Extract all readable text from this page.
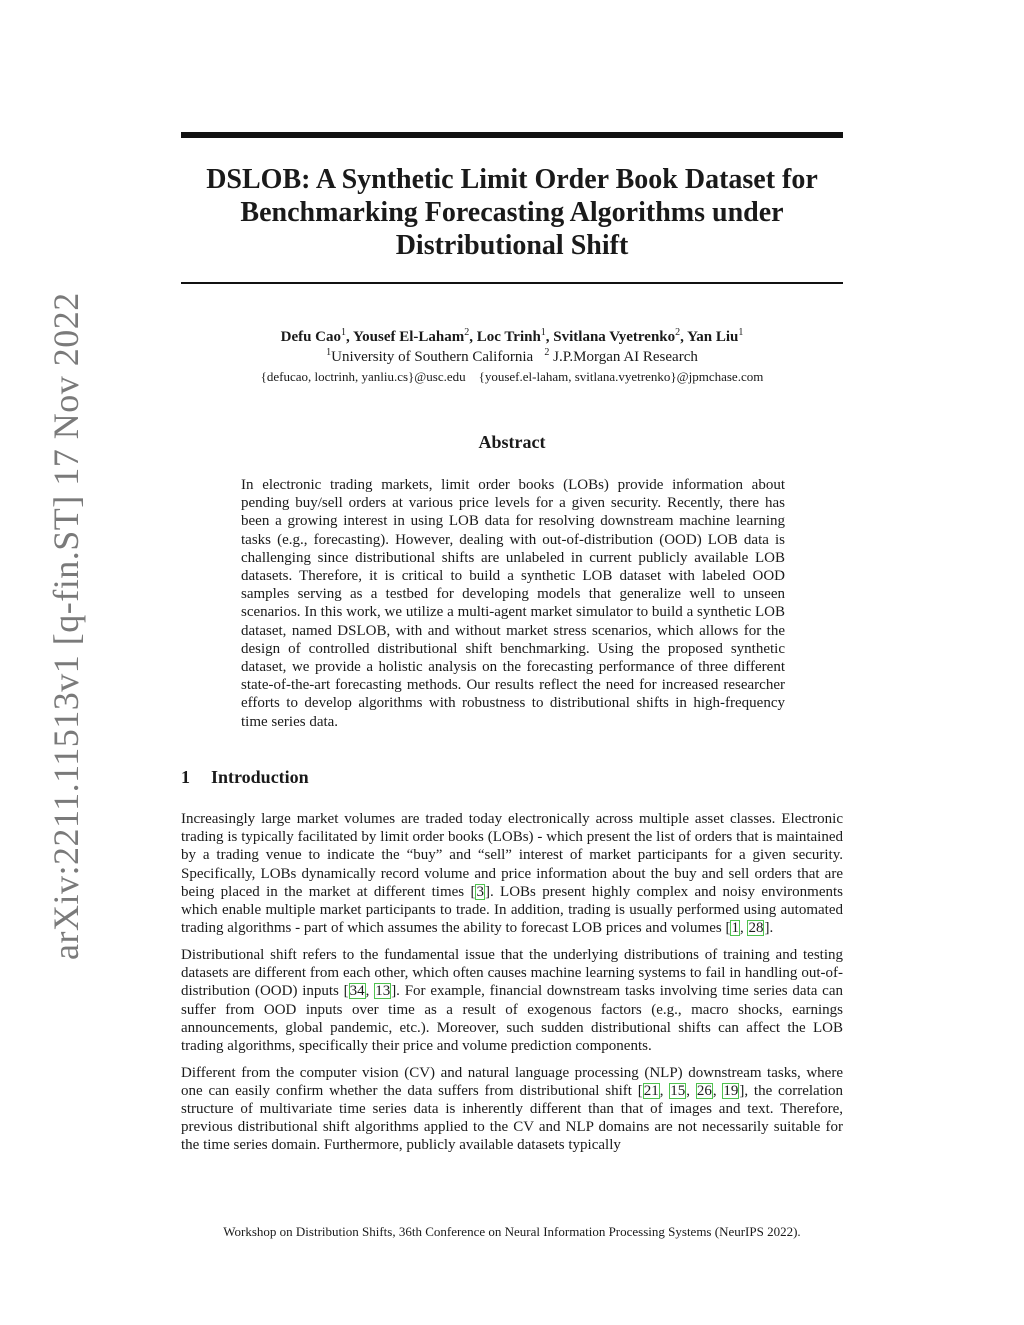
arXiv:2211.11513v1 [q-fin.ST] 17 Nov 2022
DSLOB: A Synthetic Limit Order Book Dataset for
Benchmarking Forecasting Algorithms under
Distributional Shift
Defu Cao$^1$, Yousef El-Laham$^2$, Loc Trinh$^1$, Svitlana Vyetrenko$^2$, Yan Liu$^1$
$^1$University of Southern California $^2$ J.P.Morgan AI Research
{defucao, loctrinh, yanliu.cs}@usc.edu {yousef.el-laham, svitlana.vyetrenko}@jpmchase.com
Abstract

In electronic trading markets, limit order books (LOBs) provide information about pending buy/sell orders at various price levels for a given security. Recently, there has been a growing interest in using LOB data for resolving downstream machine learning tasks (e.g., forecasting). However, dealing with out-of-distribution (OOD) LOB data is challenging since distributional shifts are unlabeled in current publicly available LOB datasets. Therefore, it is critical to build a synthetic LOB dataset with labeled OOD samples serving as a testbed for developing models that generalize well to unseen scenarios. In this work, we utilize a multi-agent market simulator to build a synthetic LOB dataset, named DSLOB, with and without market stress scenarios, which allows for the design of controlled distributional shift benchmarking. Using the proposed synthetic dataset, we provide a holistic analysis on the forecasting performance of three different state-of-the-art forecasting methods. Our results reflect the need for increased researcher efforts to develop algorithms with robustness to distributional shifts in high-frequency time series data.

1 Introduction

Increasingly large market volumes are traded today electronically across multiple asset classes. Electronic trading is typically facilitated by limit order books (LOBs) - which present the list of orders that is maintained by a trading venue to indicate the “buy” and “sell” interest of market participants for a given security. Specifically, LOBs dynamically record volume and price information about the buy and sell orders that are being placed in the market at different times [3]. LOBs present highly complex and noisy environments which enable multiple market participants to trade. In addition, trading is usually performed using automated trading algorithms - part of which assumes the ability to forecast LOB prices and volumes [1, 28].

Distributional shift refers to the fundamental issue that the underlying distributions of training and testing datasets are different from each other, which often causes machine learning systems to fail in handling out-of-distribution (OOD) inputs [34, 13]. For example, financial downstream tasks involving time series data can suffer from OOD inputs over time as a result of exogenous factors (e.g., macro shocks, earnings announcements, global pandemic, etc.). Moreover, such sudden distributional shifts can affect the LOB trading algorithms, specifically their price and volume prediction components.

Different from the computer vision (CV) and natural language processing (NLP) downstream tasks, where one can easily confirm whether the data suffers from distributional shift [21, 15, 26, 19], the correlation structure of multivariate time series data is inherently different than that of images and text. Therefore, previous distributional shift algorithms applied to the CV and NLP domains are not necessarily suitable for the time series domain. Furthermore, publicly available datasets typically

Workshop on Distribution Shifts, 36th Conference on Neural Information Processing Systems (NeurIPS 2022).
